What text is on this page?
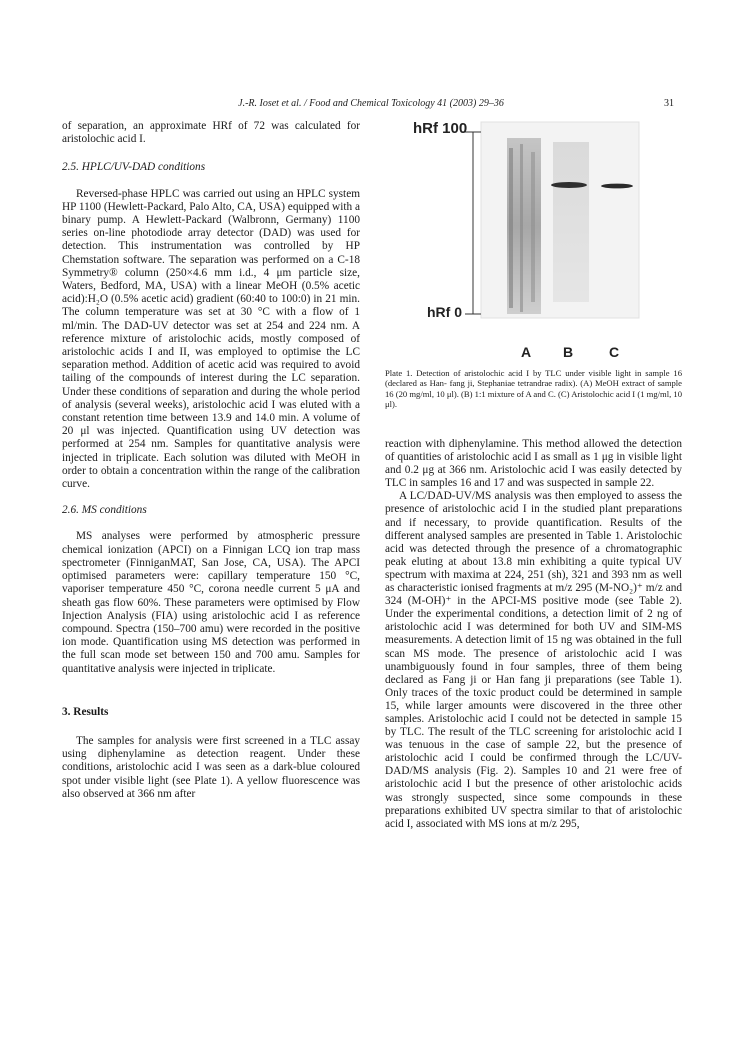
J.-R. Ioset et al. / Food and Chemical Toxicology 41 (2003) 29–36	31

of separation, an approximate HRf of 72 was calculated for aristolochic acid I.

2.5. HPLC/UV-DAD conditions

Reversed-phase HPLC was carried out using an HPLC system HP 1100 (Hewlett-Packard, Palo Alto, CA, USA) equipped with a binary pump. A Hewlett-Packard (Walbronn, Germany) 1100 series on-line photodiode array detector (DAD) was used for detection. This instrumentation was controlled by HP Chemstation software. The separation was performed on a C-18 Symmetry® column (250×4.6 mm i.d., 4 μm particle size, Waters, Bedford, MA, USA) with a linear MeOH (0.5% acetic acid):H₂O (0.5% acetic acid) gradient (60:40 to 100:0) in 21 min. The column temperature was set at 30 °C with a flow of 1 ml/min. The DAD-UV detector was set at 254 and 224 nm. A reference mixture of aristolochic acids, mostly composed of aristolochic acids I and II, was employed to optimise the LC separation method. Addition of acetic acid was required to avoid tailing of the compounds of interest during the LC separation. Under these conditions of separation and during the whole period of analysis (several weeks), aristolochic acid I was eluted with a constant retention time between 13.9 and 14.0 min. A volume of 20 μl was injected. Quantification using UV detection was performed at 254 nm. Samples for quantitative analysis were injected in triplicate. Each solution was diluted with MeOH in order to obtain a concentration within the range of the calibration curve.

2.6. MS conditions

MS analyses were performed by atmospheric pressure chemical ionization (APCI) on a Finnigan LCQ ion trap mass spectrometer (FinniganMAT, San Jose, CA, USA). The APCI optimised parameters were: capillary temperature 150 °C, vaporiser temperature 450 °C, corona needle current 5 μA and sheath gas flow 60%. These parameters were optimised by Flow Injection Analysis (FIA) using aristolochic acid I as reference compound. Spectra (150–700 amu) were recorded in the positive ion mode. Quantification using MS detection was performed in the full scan mode set between 150 and 700 amu. Samples for quantitative analysis were injected in triplicate.

3. Results

The samples for analysis were first screened in a TLC assay using diphenylamine as detection reagent. Under these conditions, aristolochic acid I was seen as a dark-blue coloured spot under visible light (see Plate 1). A yellow fluorescence was also observed at 366 nm after

hRf 100
hRf 0
A B	C
Plate 1. Detection of aristolochic acid I by TLC under visible light in sample 16 (declared as Han- fang ji, Stephaniae tetrandrae radix). (A) MeOH extract of sample 16 (20 mg/ml, 10 μl). (B) 1:1 mixture of A and C. (C) Aristolochic acid I (1 mg/ml, 10 μl).

reaction with diphenylamine. This method allowed the detection of quantities of aristolochic acid I as small as 1 μg in visible light and 0.2 μg at 366 nm. Aristolochic acid I was easily detected by TLC in samples 16 and 17 and was suspected in sample 22.

A LC/DAD-UV/MS analysis was then employed to assess the presence of aristolochic acid I in the studied plant preparations and if necessary, to provide quantification. Results of the different analysed samples are presented in Table 1. Aristolochic acid was detected through the presence of a chromatographic peak eluting at about 13.8 min exhibiting a quite typical UV spectrum with maxima at 224, 251 (sh), 321 and 393 nm as well as characteristic ionised fragments at m/z 295 (M-NO₂)⁺ m/z and 324 (M-OH)⁺ in the APCI-MS positive mode (see Table 2). Under the experimental conditions, a detection limit of 2 ng of aristolochic acid I was determined for both UV and SIM-MS measurements. A detection limit of 15 ng was obtained in the full scan MS mode. The presence of aristolochic acid I was unambiguously found in four samples, three of them being declared as Fang ji or Han fang ji preparations (see Table 1). Only traces of the toxic product could be determined in sample 15, while larger amounts were discovered in the three other samples. Aristolochic acid I could not be detected in sample 15 by TLC. The result of the TLC screening for aristolochic acid I was tenuous in the case of sample 22, but the presence of aristolochic acid I could be confirmed through the LC/UV-DAD/MS analysis (Fig. 2). Samples 10 and 21 were free of aristolochic acid I but the presence of other aristolochic acids was strongly suspected, since some compounds in these preparations exhibited UV spectra similar to that of aristolochic acid I, associated with MS ions at m/z 295,
